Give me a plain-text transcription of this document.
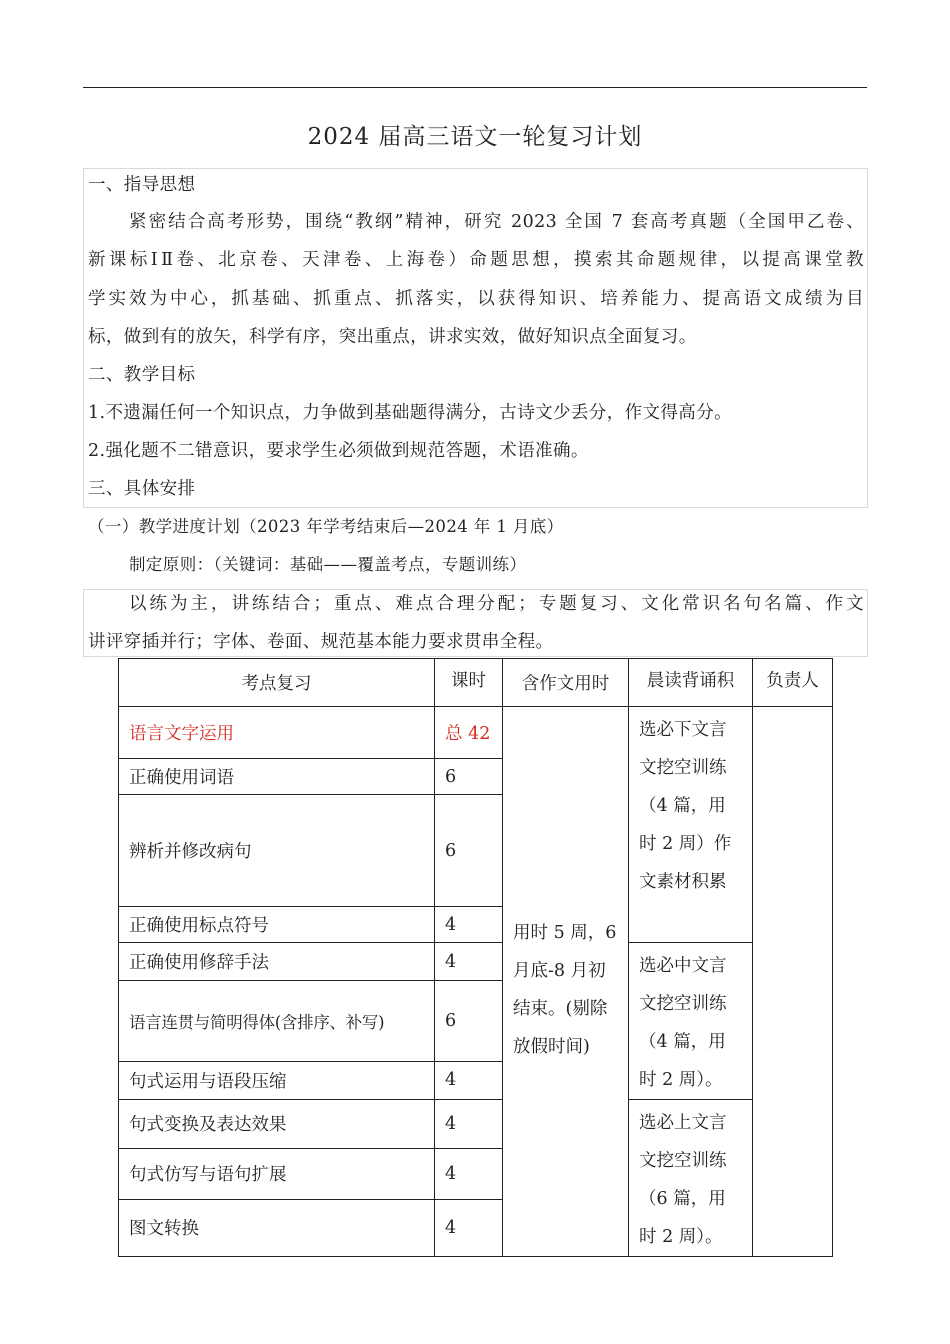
2024 届高三语文一轮复习计划
一、指导思想
紧密结合高考形势，围绕“教纲”精神，研究 2023 全国 7 套高考真题（全国甲乙卷、
新课标ⅠⅡ卷、北京卷、天津卷、上海卷）命题思想，摸索其命题规律，以提高课堂教
学实效为中心，抓基础、抓重点、抓落实，以获得知识、培养能力、提高语文成绩为目
标，做到有的放矢，科学有序，突出重点，讲求实效，做好知识点全面复习。
二、教学目标
1.不遗漏任何一个知识点，力争做到基础题得满分，古诗文少丢分，作文得高分。
2.强化题不二错意识，要求学生必须做到规范答题，术语准确。
三、具体安排
（一）教学进度计划（2023 年学考结束后—2024 年 1 月底）
制定原则：（关键词：基础——覆盖考点，专题训练）
以练为主，讲练结合；重点、难点合理分配；专题复习、文化常识名句名篇、作文
讲评穿插并行；字体、卷面、规范基本能力要求贯串全程。
考点复习	课时	含作文用时	晨读背诵积	负责人
语言文字运用	总 42	用时 5 周，6 月底-8 月初结束。(剔除放假时间)	选必下文言文挖空训练（4 篇，用时 2 周）作文素材积累	
正确使用词语	6			
辨析并修改病句	6			
正确使用标点符号	4			
正确使用修辞手法	4		选必中文言文挖空训练（4 篇，用时 2 周）。	
语言连贯与简明得体(含排序、补写)	6			
句式运用与语段压缩	4			
句式变换及表达效果	4		选必上文言文挖空训练（6 篇，用时 2 周）。	
句式仿写与语句扩展	4			
图文转换	4			
